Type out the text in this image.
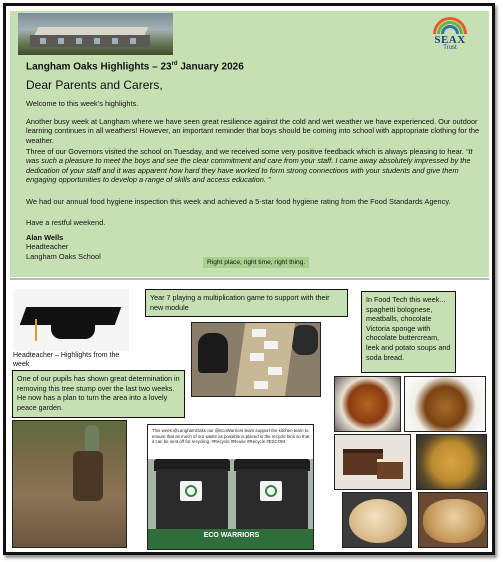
SEAX
Trust
Langham Oaks Highlights – 23rd January 2026
Dear Parents and Carers,

Welcome to this week’s highlights.

Another busy week at Langham where we have seen great resilience against the cold and wet weather we have experienced. Our outdoor learning continues in all weathers! However, an important reminder that boys should be coming into school with appropriate clothing for the weather.

Three of our Governors visited the school on Tuesday, and we received some very positive feedback which is always pleasing to hear. “It was such a pleasure to meet the boys and see the clear commitment and care from your staff. I came away absolutely impressed by the dedication of your staff and it was apparent how hard they have worked to form strong connections with your students and give them engaging opportunities to develop a range of skills and access education. ”

We had our annual food hygiene inspection this week and achieved a 5-star food hygiene rating from the Food Standards Agency.

Have a restful weekend.

Alan Wells
Headteacher
Langham Oaks School
Right place, right time, right thing.
Headteacher – Highlights from the week
Year 7 playing a multiplication game to support with their new module
In Food Tech this week... spaghetti bolognese, meatballs, chocolate Victoria sponge with chocolate buttercream, leek and potato soups and soda bread.
One of our pupils has shown great determination in removing this tree stump over the last two weeks. He now has a plan to turn the area into a lovely peace garden.
This week @LanghamOaks our @EcoWarriors team support the kitchen team to ensure that as much of our waste as possible is placed in the recycle bins so that it can be sent off for recycling. #Recycle #Reuse #Recycle #ESCOM
ECO WARRIORS
